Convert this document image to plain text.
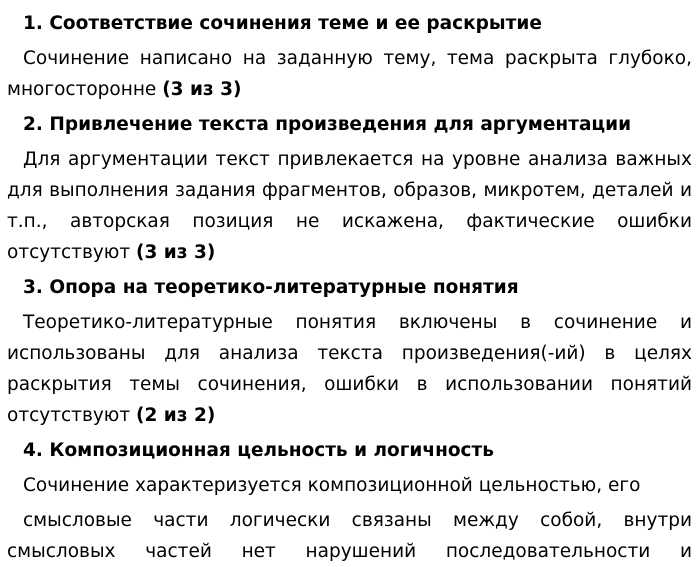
1. Соответствие сочинения теме и ее раскрытие

Сочинение написано на заданную тему, тема раскрыта глубоко, многосторонне (3 из 3)

2. Привлечение текста произведения для аргументации

Для аргументации текст привлекается на уровне анализа важных для выполнения задания фрагментов, образов, микротем, деталей и т.п., авторская позиция не искажена, фактические ошибки отсутствуют (3 из 3)

3. Опора на теоретико-литературные понятия

Теоретико-литературные понятия включены в сочинение и использованы для анализа текста произведения(-ий) в целях раскрытия темы сочинения, ошибки в использовании понятий отсутствуют (2 из 2)

4. Композиционная цельность и логичность

Сочинение характеризуется композиционной цельностью, его

смысловые части логически связаны между собой, внутри смысловых частей нет нарушений последовательности и
